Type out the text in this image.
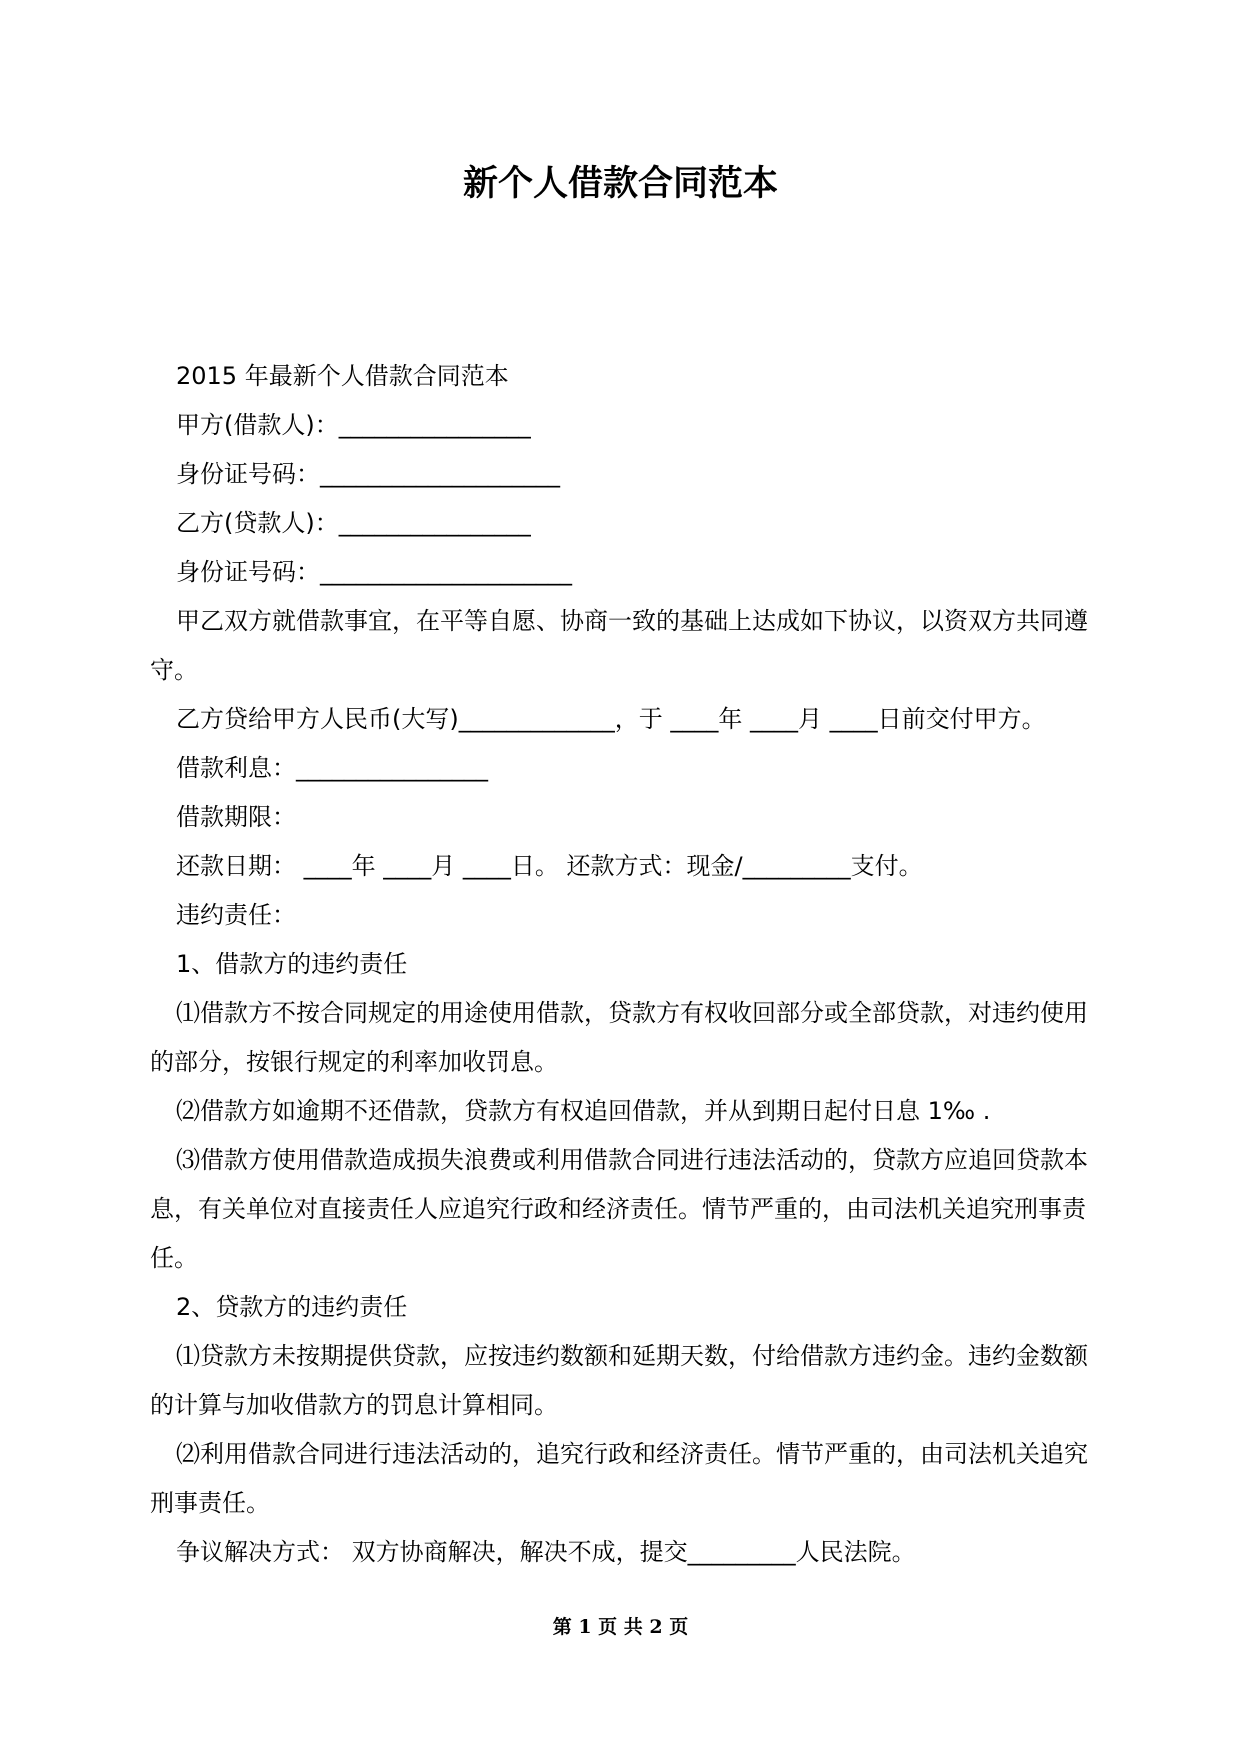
新个人借款合同范本

2015 年最新个人借款合同范本

甲方(借款人)：________________

身份证号码：____________________

乙方(贷款人)：________________

身份证号码：_____________________

甲乙双方就借款事宜，在平等自愿、协商一致的基础上达成如下协议，以资双方共同遵守。

乙方贷给甲方人民币(大写)_____________，于 ____年 ____月 ____日前交付甲方。

借款利息：________________

借款期限：

还款日期： ____年 ____月 ____日。 还款方式：现金/_________支付。

违约责任：

1、借款方的违约责任

⑴借款方不按合同规定的用途使用借款，贷款方有权收回部分或全部贷款，对违约使用的部分，按银行规定的利率加收罚息。

⑵借款方如逾期不还借款，贷款方有权追回借款，并从到期日起付日息 1‰ .

⑶借款方使用借款造成损失浪费或利用借款合同进行违法活动的，贷款方应追回贷款本息，有关单位对直接责任人应追究行政和经济责任。情节严重的，由司法机关追究刑事责任。

2、贷款方的违约责任

⑴贷款方未按期提供贷款，应按违约数额和延期天数，付给借款方违约金。违约金数额的计算与加收借款方的罚息计算相同。

⑵利用借款合同进行违法活动的，追究行政和经济责任。情节严重的，由司法机关追究刑事责任。

争议解决方式： 双方协商解决，解决不成，提交_________人民法院。

第 1 页 共 2 页
